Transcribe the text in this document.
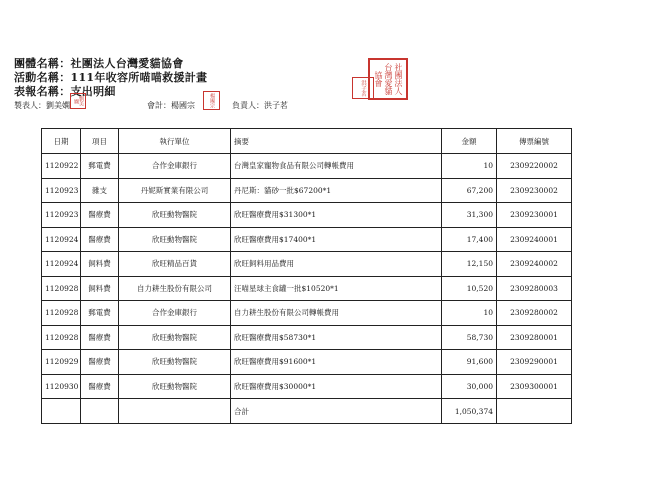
團體名稱：社團法人台灣愛貓協會
活動名稱：111年收容所喵喵救援計畫
表報名稱：支出明細	洪子茗	社團法人台灣愛貓協會
製表人：劉美嫻	劉美嫻	會計：楊國宗	楊國宗 負責人：洪子茗
日期	項目	執行單位	摘要	金額	傳票編號
1120922	郵電費	合作金庫銀行	台灣皇家寵物食品有限公司轉帳費用	10	2309220002
1120923	雜支	丹妮斯實業有限公司	丹尼斯：貓砂一批$67200*1	67,200	2309230002
1120923	醫療費	欣旺動物醫院	欣旺醫療費用$31300*1	31,300	2309230001
1120924	醫療費	欣旺動物醫院	欣旺醫療費用$17400*1	17,400	2309240001
1120924	飼料費	欣旺精品百貨	欣旺飼料用品費用	12,150	2309240002
1120928	飼料費	自力耕生股份有限公司	汪喵星球主食罐一批$10520*1	10,520	2309280003
1120928	郵電費	合作金庫銀行	自力耕生股份有限公司轉帳費用	10	2309280002
1120928	醫療費	欣旺動物醫院	欣旺醫療費用$58730*1	58,730	2309280001
1120929	醫療費	欣旺動物醫院	欣旺醫療費用$91600*1	91,600	2309290001
1120930	醫療費	欣旺動物醫院	欣旺醫療費用$30000*1	30,000	2309300001
			合計	1,050,374	
